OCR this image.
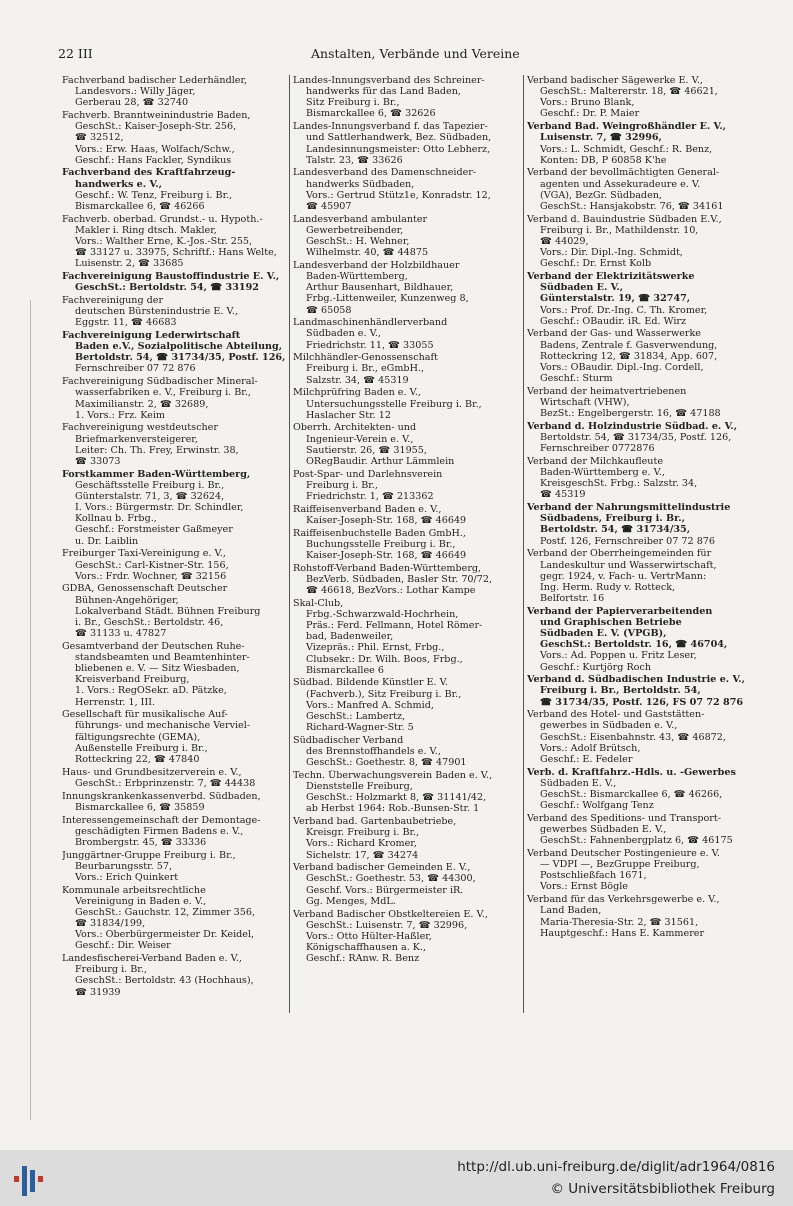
22 III	Anstalten, Verbände und Vereine
Fachverband badischer Lederhändler,
Landesvors.: Willy Jäger,
Gerberau 28, ☎ 32740
Fachverb. Branntweinindustrie Baden,
GeschSt.: Kaiser-Joseph-Str. 256,
☎ 32512,
Vors.: Erw. Haas, Wolfach/Schw.,
Geschf.: Hans Fackler, Syndikus
Fachverband des Kraftfahrzeug-
handwerks e. V.,
Geschf.: W. Tenz, Freiburg i. Br.,
Bismarckallee 6, ☎ 46266
Fachverb. oberbad. Grundst.- u. Hypoth.-
Makler i. Ring dtsch. Makler,
Vors.: Walther Erne, K.-Jos.-Str. 255,
☎ 33127 u. 33975, Schriftf.: Hans Welte,
Luisenstr. 2, ☎ 33685
Fachvereinigung Baustoffindustrie E. V.,
GeschSt.: Bertoldstr. 54, ☎ 33192
Fachvereinigung der
deutschen Bürstenindustrie E. V.,
Eggstr. 11, ☎ 46683
Fachvereinigung Lederwirtschaft
Baden e.V., Sozialpolitische Abteilung,
Bertoldstr. 54, ☎ 31734/35, Postf. 126,
Fernschreiber 07 72 876
Fachvereinigung Südbadischer Mineral-
wasserfabriken e. V., Freiburg i. Br.,
Maximilianstr. 2, ☎ 32689,
1. Vors.: Frz. Keim
Fachvereinigung westdeutscher
Briefmarkenversteigerer,
Leiter: Ch. Th. Frey, Erwinstr. 38,
☎ 33073
Forstkammer Baden-Württemberg,
Geschäftsstelle Freiburg i. Br.,
Günterstalstr. 71, 3, ☎ 32624,
I. Vors.: Bürgermstr. Dr. Schindler,
Kollnau b. Frbg.,
Geschf.: Forstmeister Gaßmeyer
u. Dr. Laiblin
Freiburger Taxi-Vereinigung e. V.,
GeschSt.: Carl-Kistner-Str. 156,
Vors.: Frdr. Wochner, ☎ 32156
GDBA, Genossenschaft Deutscher
Bühnen-Angehöriger,
Lokalverband Städt. Bühnen Freiburg
i. Br., GeschSt.: Bertoldstr. 46,
☎ 31133 u. 47827
Gesamtverband der Deutschen Ruhe-
standsbeamten und Beamtenhinter-
bliebenen e. V. — Sitz Wiesbaden,
Kreisverband Freiburg,
1. Vors.: RegOSekr. aD. Pätzke,
Herrenstr. 1, III.
Gesellschaft für musikalische Auf-
führungs- und mechanische Verviel-
fältigungsrechte (GEMA),
Außenstelle Freiburg i. Br.,
Rotteckring 22, ☎ 47840
Haus- und Grundbesitzerverein e. V.,
GeschSt.: Erbprinzenstr. 7, ☎ 44438
Innungskrankenkassenverbd. Südbaden,
Bismarckallee 6, ☎ 35859
Interessengemeinschaft der Demontage-
geschädigten Firmen Badens e. V.,
Brombergstr. 45, ☎ 33336
Junggärtner-Gruppe Freiburg i. Br.,
Beurbarungsstr. 57,
Vors.: Erich Quinkert
Kommunale arbeitsrechtliche
Vereinigung in Baden e. V.,
GeschSt.: Gauchstr. 12, Zimmer 356,
☎ 31834/199,
Vors.: Oberbürgermeister Dr. Keidel,
Geschf.: Dir. Weiser
Landesfischerei-Verband Baden e. V.,
Freiburg i. Br.,
GeschSt.: Bertoldstr. 43 (Hochhaus),
☎ 31939
Landes-Innungsverband des Schreiner-
handwerks für das Land Baden,
Sitz Freiburg i. Br.,
Bismarckallee 6, ☎ 32626
Landes-Innungsverband f. das Tapezier-
und Sattlerhandwerk, Bez. Südbaden,
Landesinnungsmeister: Otto Lebherz,
Talstr. 23, ☎ 33626
Landesverband des Damenschneider-
handwerks Südbaden,
Vors.: Gertrud Stütz1e, Konradstr. 12,
☎ 45907
Landesverband ambulanter
Gewerbetreibender,
GeschSt.: H. Wehner,
Wilhelmstr. 40, ☎ 44875
Landesverband der Holzbildhauer
Baden-Württemberg,
Arthur Bausenhart, Bildhauer,
Frbg.-Littenweiler, Kunzenweg 8,
☎ 65058
Landmaschinenhändlerverband
Südbaden e. V.,
Friedrichstr. 11, ☎ 33055
Milchhändler-Genossenschaft
Freiburg i. Br., eGmbH.,
Salzstr. 34, ☎ 45319
Milchprüfring Baden e. V.,
Untersuchungsstelle Freiburg i. Br.,
Haslacher Str. 12
Oberrh. Architekten- und
Ingenieur-Verein e. V.,
Sautierstr. 26, ☎ 31955,
ORegBaudir. Arthur Lämmlein
Post-Spar- und Darlehnsverein
Freiburg i. Br.,
Friedrichstr. 1, ☎ 213362
Raiffeisenverband Baden e. V.,
Kaiser-Joseph-Str. 168, ☎ 46649
Raiffeisenbuchstelle Baden GmbH.,
Buchungsstelle Freiburg i. Br.,
Kaiser-Joseph-Str. 168, ☎ 46649
Rohstoff-Verband Baden-Württemberg,
BezVerb. Südbaden, Basler Str. 70/72,
☎ 46618, BezVors.: Lothar Kampe
Skal-Club,
Frbg.-Schwarzwald-Hochrhein,
Präs.: Ferd. Fellmann, Hotel Römer-
bad, Badenweiler,
Vizepräs.: Phil. Ernst, Frbg.,
Clubsekr.: Dr. Wilh. Boos, Frbg.,
Bismarckallee 6
Südbad. Bildende Künstler E. V.
(Fachverb.), Sitz Freiburg i. Br.,
Vors.: Manfred A. Schmid,
GeschSt.: Lambertz,
Richard-Wagner-Str. 5
Südbadischer Verband
des Brennstoffhandels e. V.,
GeschSt.: Goethestr. 8, ☎ 47901
Techn. Überwachungsverein Baden e. V.,
Dienststelle Freiburg,
GeschSt.: Holzmarkt 8, ☎ 31141/42,
ab Herbst 1964: Rob.-Bunsen-Str. 1
Verband bad. Gartenbaubetriebe,
Kreisgr. Freiburg i. Br.,
Vors.: Richard Kromer,
Sichelstr. 17, ☎ 34274
Verband badischer Gemeinden E. V.,
GeschSt.: Goethestr. 53, ☎ 44300,
Geschf. Vors.: Bürgermeister iR.
Gg. Menges, MdL.
Verband Badischer Obstkeltereien E. V.,
GeschSt.: Luisenstr. 7, ☎ 32996,
Vors.: Otto Hülter-Haßler,
Königschaffhausen a. K.,
Geschf.: RAnw. R. Benz
Verband badischer Sägewerke E. V.,
GeschSt.: Maltererstr. 18, ☎ 46621,
Vors.: Bruno Blank,
Geschf.: Dr. P. Maier
Verband Bad. Weingroßhändler E. V.,
Luisenstr. 7, ☎ 32996,
Vors.: L. Schmidt, Geschf.: R. Benz,
Konten: DB, P 60858 K'he
Verband der bevollmächtigten General-
agenten und Assekuradeure e. V.
(VGA), BezGr. Südbaden,
GeschSt.: Hansjakobstr. 76, ☎ 34161
Verband d. Bauindustrie Südbaden E.V.,
Freiburg i. Br., Mathildenstr. 10,
☎ 44029,
Vors.: Dir. Dipl.-Ing. Schmidt,
Geschf.: Dr. Ernst Kolb
Verband der Elektrizitätswerke
Südbaden E. V.,
Günterstalstr. 19, ☎ 32747,
Vors.: Prof. Dr.-Ing. C. Th. Kromer,
Geschf.: OBaudir. iR. Ed. Wirz
Verband der Gas- und Wasserwerke
Badens, Zentrale f. Gasverwendung,
Rotteckring 12, ☎ 31834, App. 607,
Vors.: OBaudir. Dipl.-Ing. Cordell,
Geschf.: Sturm
Verband der heimatvertriebenen
Wirtschaft (VHW),
BezSt.: Engelbergerstr. 16, ☎ 47188
Verband d. Holzindustrie Südbad. e. V.,
Bertoldstr. 54, ☎ 31734/35, Postf. 126,
Fernschreiber 0772876
Verband der Milchkaufleute
Baden-Württemberg e. V.,
KreisgeschSt. Frbg.: Salzstr. 34,
☎ 45319
Verband der Nahrungsmittelindustrie
Südbadens, Freiburg i. Br.,
Bertoldstr. 54, ☎ 31734/35,
Postf. 126, Fernschreiber 07 72 876
Verband der Oberrheingemeinden für
Landeskultur und Wasserwirtschaft,
gegr. 1924, v. Fach- u. VertrMann:
Ing. Herm. Rudy v. Rotteck,
Belfortstr. 16
Verband der Papierverarbeitenden
und Graphischen Betriebe
Südbaden E. V. (VPGB),
GeschSt.: Bertoldstr. 16, ☎ 46704,
Vors.: Ad. Poppen u. Fritz Leser,
Geschf.: Kurtjörg Roch
Verband d. Südbadischen Industrie e. V.,
Freiburg i. Br., Bertoldstr. 54,
☎ 31734/35, Postf. 126, FS 07 72 876
Verband des Hotel- und Gaststätten-
gewerbes in Südbaden e. V.,
GeschSt.: Eisenbahnstr. 43, ☎ 46872,
Vors.: Adolf Brütsch,
Geschf.: E. Fedeler
Verb. d. Kraftfahrz.-Hdls. u. -Gewerbes
Südbaden E. V.,
GeschSt.: Bismarckallee 6, ☎ 46266,
Geschf.: Wolfgang Tenz
Verband des Speditions- und Transport-
gewerbes Südbaden E. V.,
GeschSt.: Fahnenbergplatz 6, ☎ 46175
Verband Deutscher Postingenieure e. V.
— VDPI —, BezGruppe Freiburg,
Postschließfach 1671,
Vors.: Ernst Bögle
Verband für das Verkehrsgewerbe e. V.,
Land Baden,
Maria-Theresia-Str. 2, ☎ 31561,
Hauptgeschf.: Hans E. Kammerer
http://dl.ub.uni-freiburg.de/diglit/adr1964/0816
© Universitätsbibliothek Freiburg
